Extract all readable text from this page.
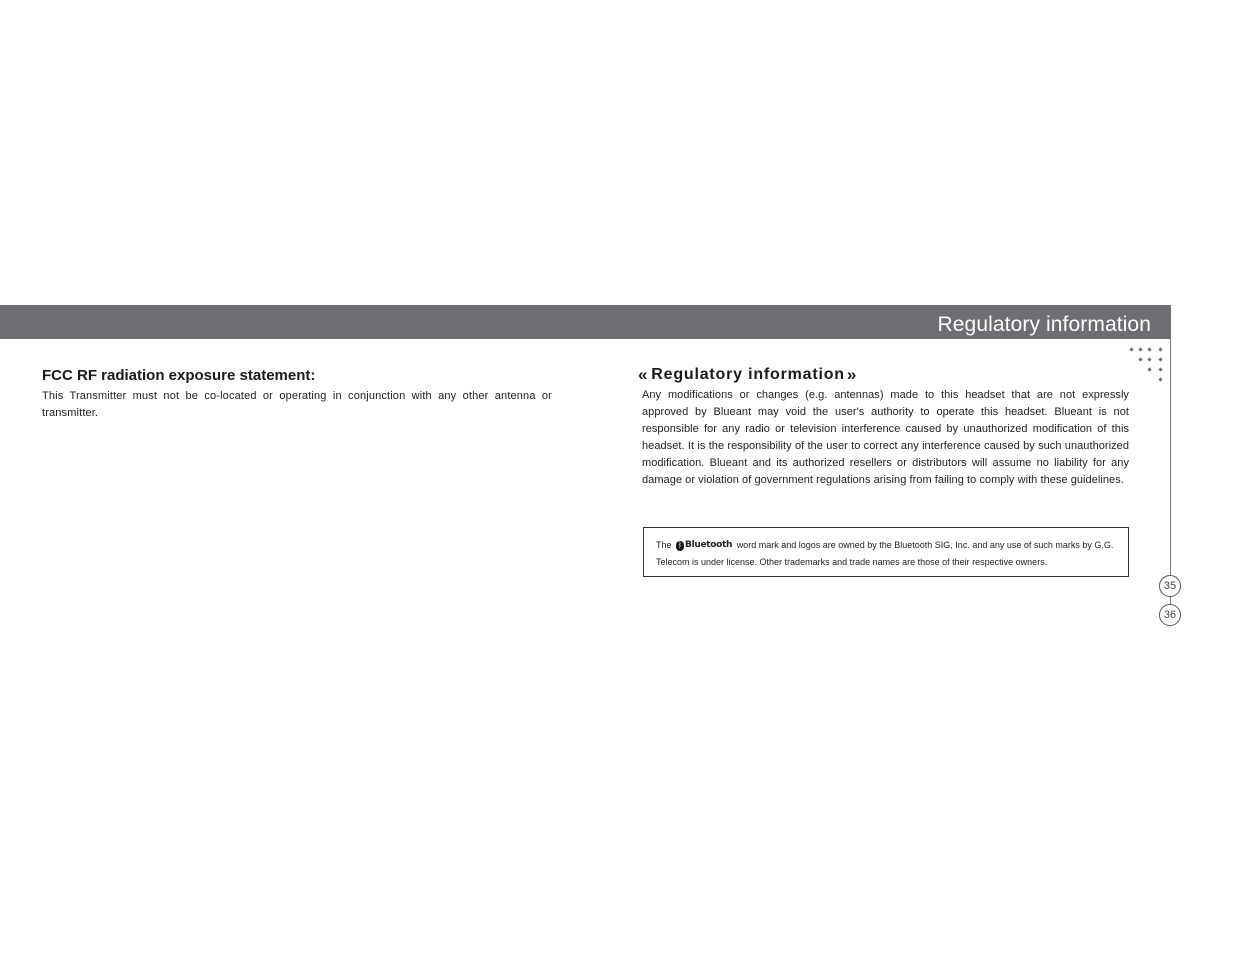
Regulatory information
35
36
FCC RF radiation exposure statement:

This Transmitter must not be co-located or operating in conjunction with any other antenna or transmitter.

« Regulatory information »

Any modifications or changes (e.g. antennas) made to this headset that are not expressly approved by Blueant may void the user's authority to operate this headset. Blueant is not responsible for any radio or television interference caused by unauthorized modification of this headset. It is the responsibility of the user to correct any interference caused by such unauthorized modification. Blueant and its authorized resellers or distributors will assume no liability for any damage or violation of government regulations arising from failing to comply with these guidelines.

The ᛒ Bluetooth word mark and logos are owned by the Bluetooth SIG, Inc. and any use of such marks by G.G. Telecom is under license. Other trademarks and trade names are those of their respective owners.
